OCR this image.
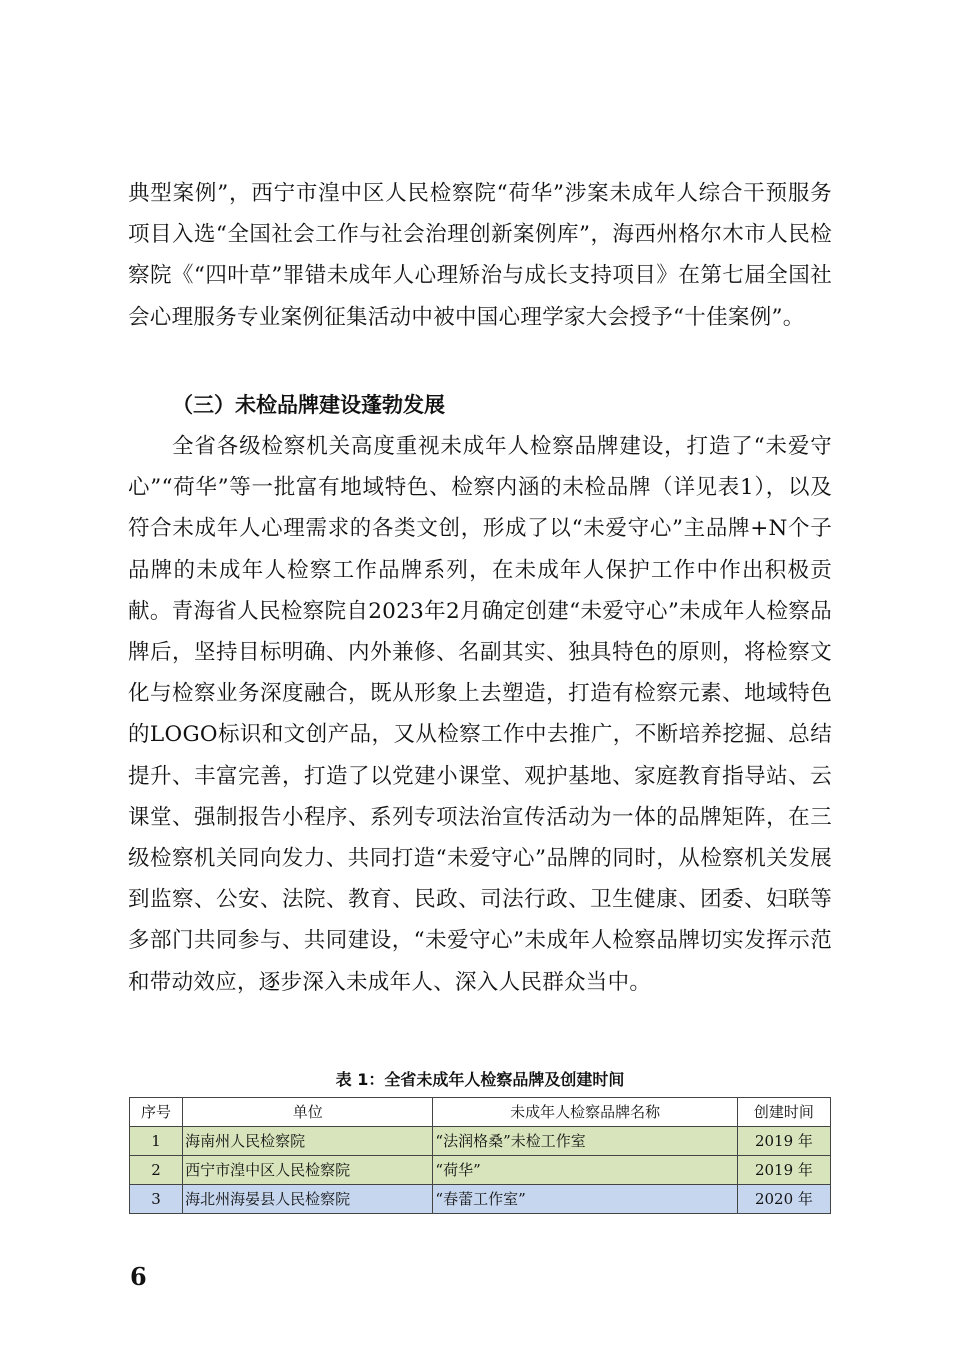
典型案例”，西宁市湟中区人民检察院“荷华”涉案未成年人综合干预服务项目入选“全国社会工作与社会治理创新案例库”，海西州格尔木市人民检察院《“四叶草”罪错未成年人心理矫治与成长支持项目》在第七届全国社会心理服务专业案例征集活动中被中国心理学家大会授予“十佳案例”。

（三）未检品牌建设蓬勃发展

全省各级检察机关高度重视未成年人检察品牌建设，打造了“未爱守心”“荷华”等一批富有地域特色、检察内涵的未检品牌（详见表1），以及符合未成年人心理需求的各类文创，形成了以“未爱守心”主品牌+N个子品牌的未成年人检察工作品牌系列，在未成年人保护工作中作出积极贡献。青海省人民检察院自2023年2月确定创建“未爱守心”未成年人检察品牌后，坚持目标明确、内外兼修、名副其实、独具特色的原则，将检察文化与检察业务深度融合，既从形象上去塑造，打造有检察元素、地域特色的LOGO标识和文创产品，又从检察工作中去推广，不断培养挖掘、总结提升、丰富完善，打造了以党建小课堂、观护基地、家庭教育指导站、云课堂、强制报告小程序、系列专项法治宣传活动为一体的品牌矩阵，在三级检察机关同向发力、共同打造“未爱守心”品牌的同时，从检察机关发展到监察、公安、法院、教育、民政、司法行政、卫生健康、团委、妇联等多部门共同参与、共同建设，“未爱守心”未成年人检察品牌切实发挥示范和带动效应，逐步深入未成年人、深入人民群众当中。

表 1：全省未成年人检察品牌及创建时间
序号	单位	未成年人检察品牌名称	创建时间
1	海南州人民检察院	“法润格桑”未检工作室	2019 年
2	西宁市湟中区人民检察院	“荷华”	2019 年
3	海北州海晏县人民检察院	“春蕾工作室”	2020 年
6
